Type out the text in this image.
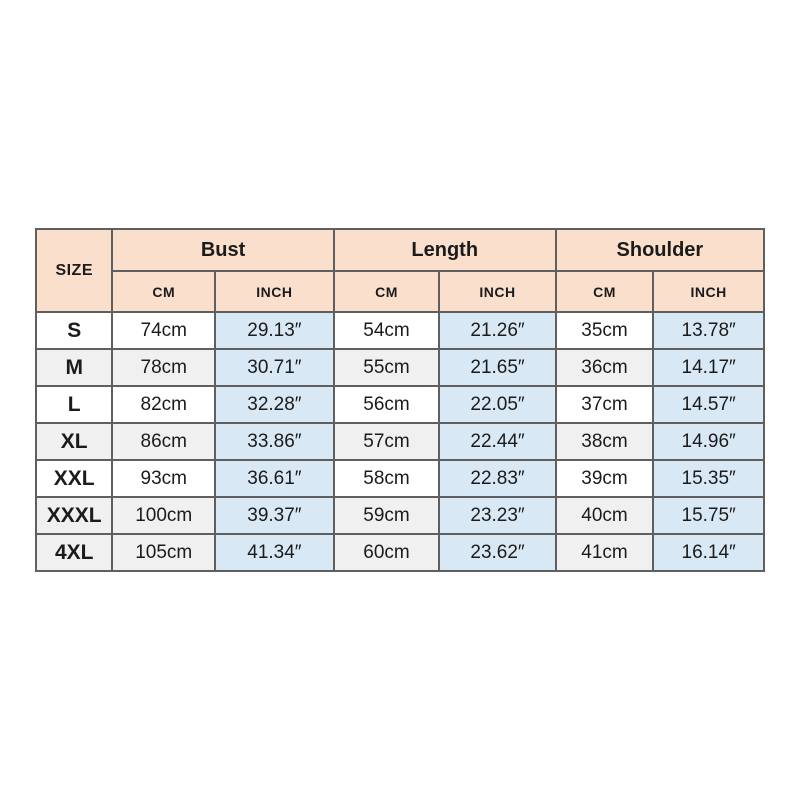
SIZE	Bust		Length		Shoulder	
	CM	INCH	CM	INCH	CM	INCH
S	74cm	29.13″	54cm	21.26″	35cm	13.78″
M	78cm	30.71″	55cm	21.65″	36cm	14.17″
L	82cm	32.28″	56cm	22.05″	37cm	14.57″
XL	86cm	33.86″	57cm	22.44″	38cm	14.96″
XXL	93cm	36.61″	58cm	22.83″	39cm	15.35″
XXXL	100cm	39.37″	59cm	23.23″	40cm	15.75″
4XL	105cm	41.34″	60cm	23.62″	41cm	16.14″
